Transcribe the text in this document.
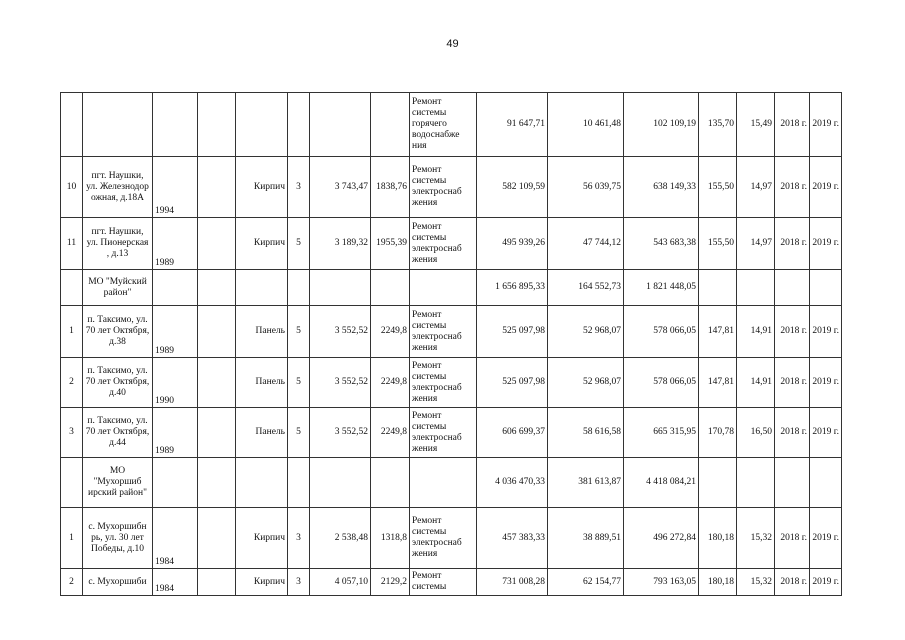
49
								Ремонт системы горячего водоснабже ния	91 647,71	10 461,48	102 109,19	135,70	15,49	2018 г.	2019 г.
10	пгт. Наушки, ул. Железнодор ожная, д.18А	1994		Кирпич	3	3 743,47	1838,76	Ремонт системы электроснаб жения	582 109,59	56 039,75	638 149,33	155,50	14,97	2018 г.	2019 г.
11	пгт. Наушки, ул. Пионерская , д.13	1989		Кирпич	5	3 189,32	1955,39	Ремонт системы электроснаб жения	495 939,26	47 744,12	543 683,38	155,50	14,97	2018 г.	2019 г.
	МО "Муйский район"								1 656 895,33	164 552,73	1 821 448,05				
1	п. Таксимо, ул. 70 лет Октября, д.38	1989		Панель	5	3 552,52	2249,8	Ремонт системы электроснаб жения	525 097,98	52 968,07	578 066,05	147,81	14,91	2018 г.	2019 г.
2	п. Таксимо, ул. 70 лет Октября, д.40	1990		Панель	5	3 552,52	2249,8	Ремонт системы электроснаб жения	525 097,98	52 968,07	578 066,05	147,81	14,91	2018 г.	2019 г.
3	п. Таксимо, ул. 70 лет Октября, д.44	1989		Панель	5	3 552,52	2249,8	Ремонт системы электроснаб жения	606 699,37	58 616,58	665 315,95	170,78	16,50	2018 г.	2019 г.
	МО "Мухоршиб ирский район"								4 036 470,33	381 613,87	4 418 084,21				
1	с. Мухоршибн рь, ул. 30 лет Победы, д.10	1984		Кирпич	3	2 538,48	1318,8	Ремонт системы электроснаб жения	457 383,33	38 889,51	496 272,84	180,18	15,32	2018 г.	2019 г.
2	с. Мухоршиби	1984		Кирпич	3	4 057,10	2129,2	Ремонт системы	731 008,28	62 154,77	793 163,05	180,18	15,32	2018 г.	2019 г.
